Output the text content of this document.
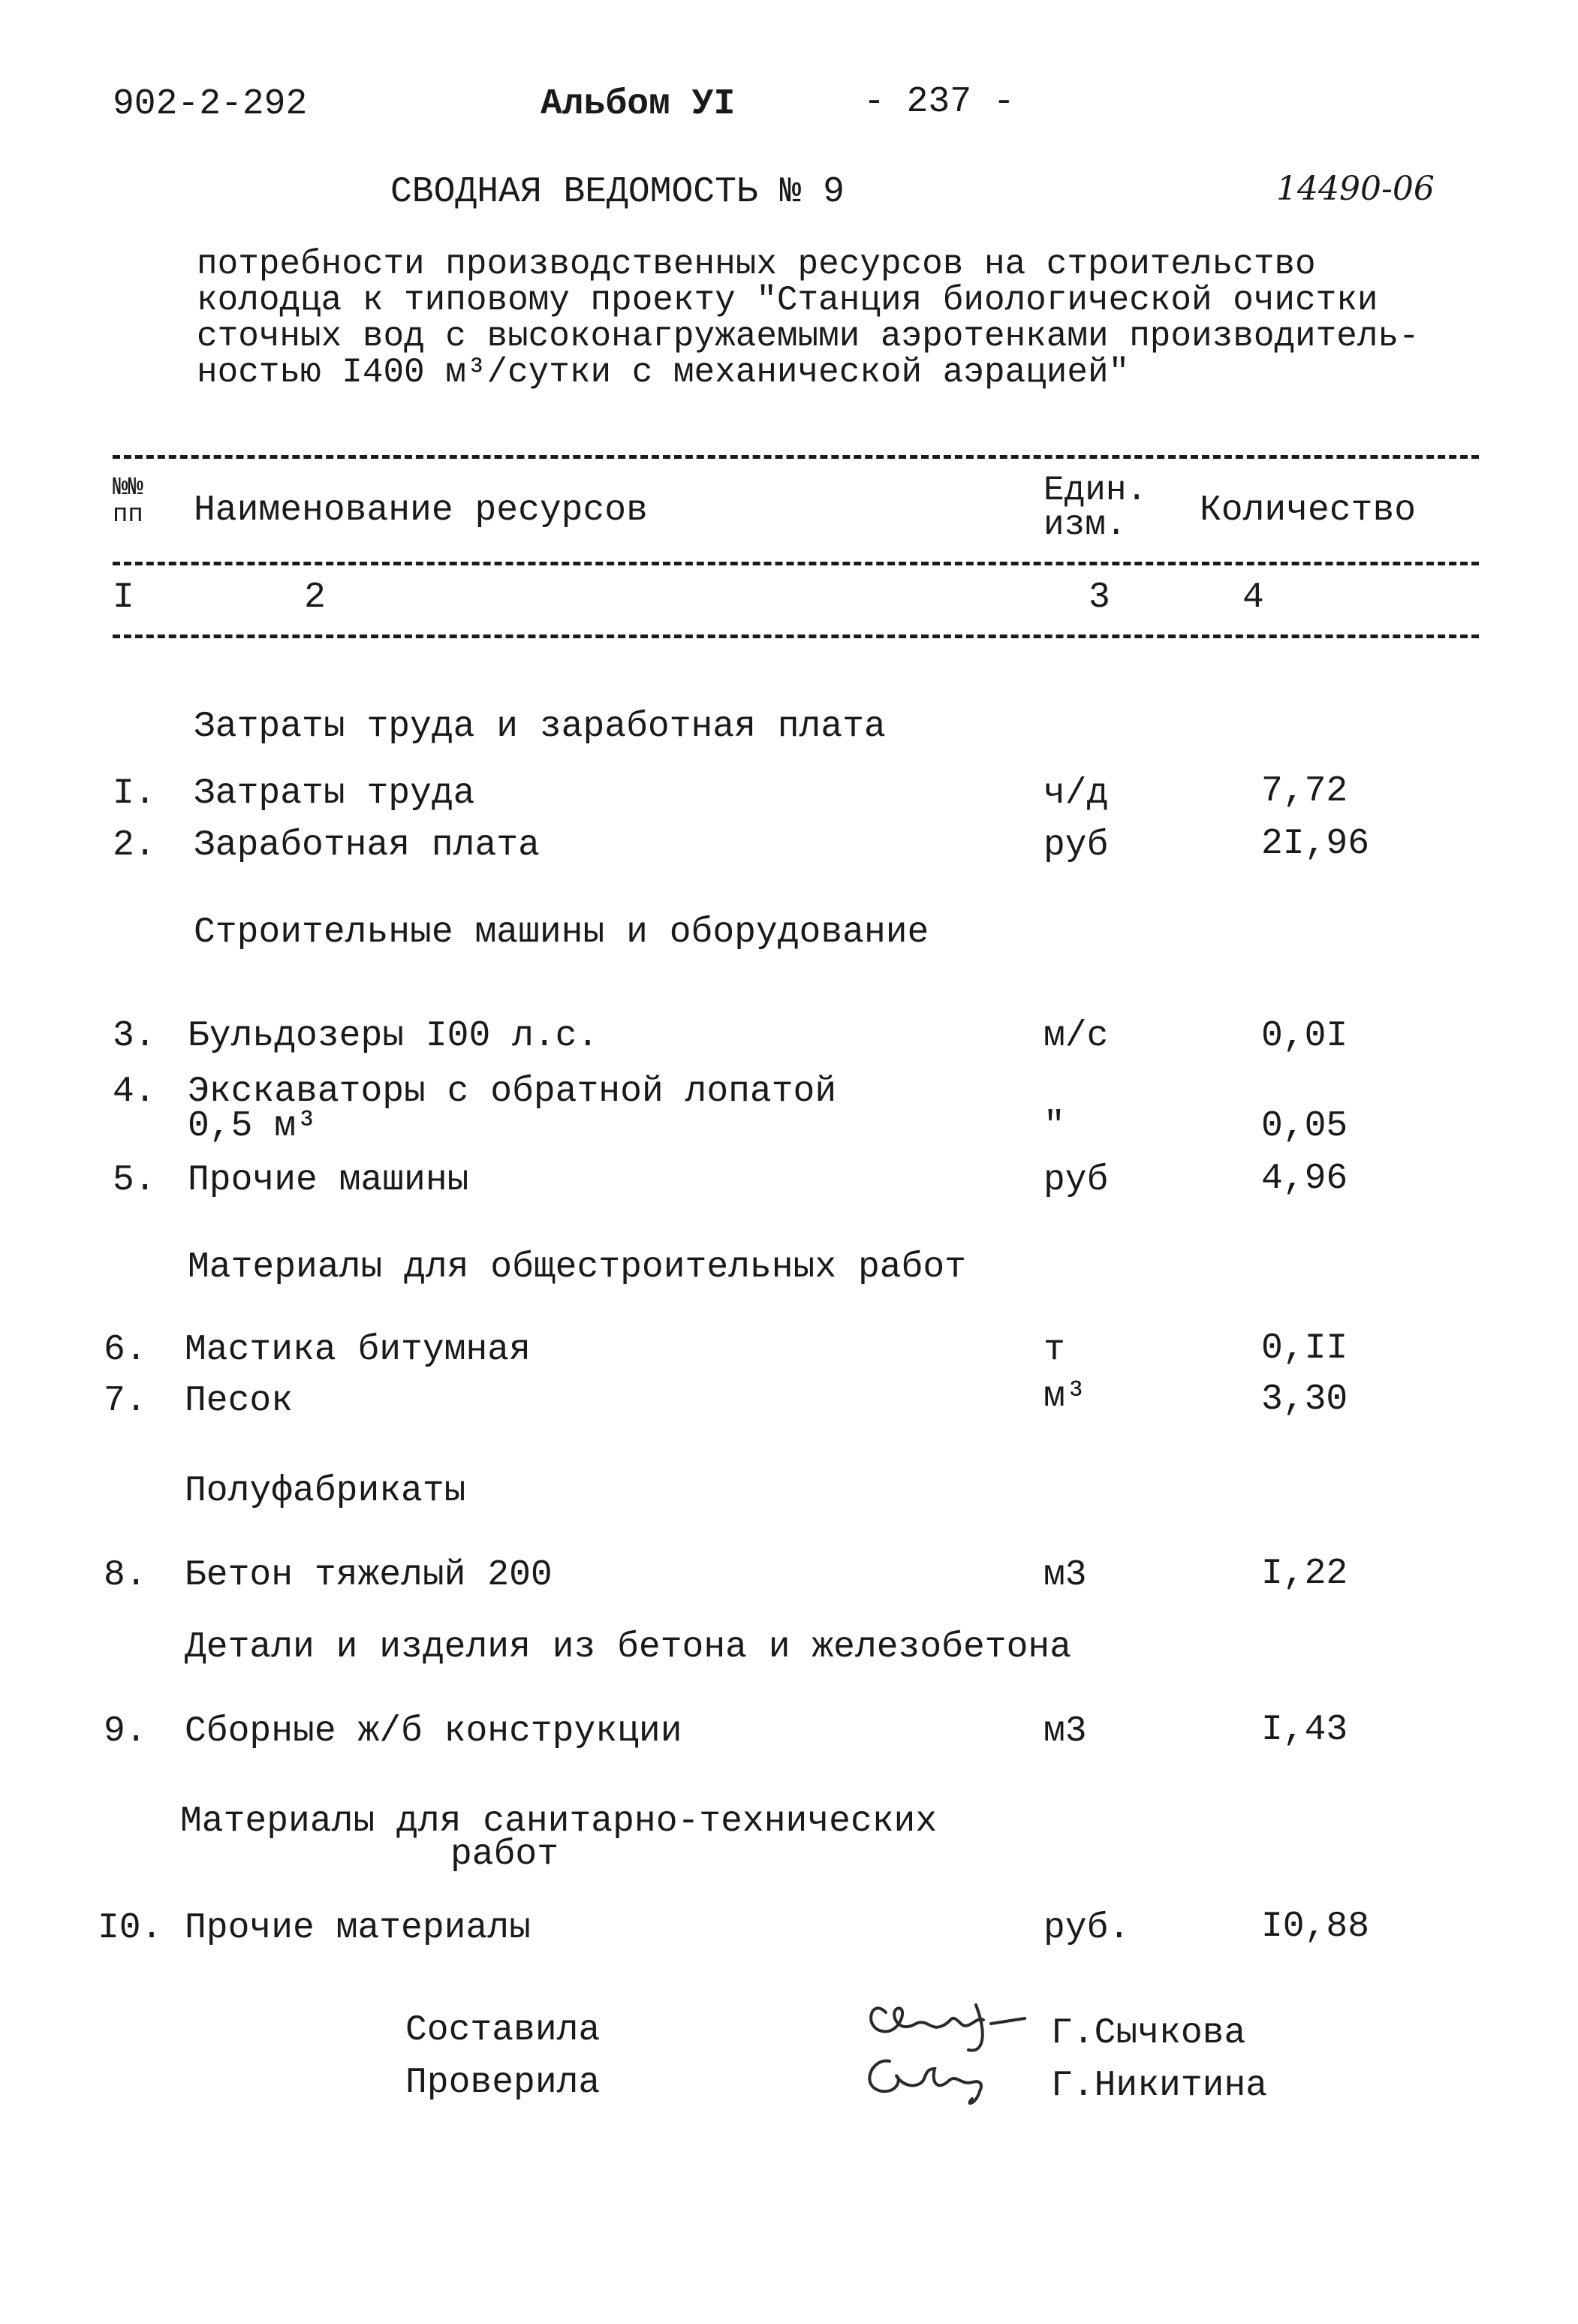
902-2-292	Альбом УI	- 237 -
СВОДНАЯ ВЕДОМОСТЬ № 9	14490-06
потребности производственных ресурсов на строительство
колодца к типовому проекту "Станция биологической очистки
сточных вод с высоконагружаемыми аэротенками производитель-
ностью I400 м³/сутки с механической аэрацией"
№№ пп	Наименование ресурсов	Един. изм.	Количество
I	2	3	4
Затраты труда и заработная плата
I. Затраты труда	ч/д	7,72
2. Заработная плата	руб	2I,96
Строительные машины и оборудование
3. Бульдозеры I00 л.с.	м/с	0,0I
4. Экскаваторы с обратной лопатой
0,5 м³	"	0,05
5. Прочие машины	руб	4,96
Материалы для общестроительных работ
6. Мастика битумная	т	0,II
7. Песок	м³	3,30
Полуфабрикаты
8. Бетон тяжелый 200	м3	I,22
Детали и изделия из бетона и железобетона
9. Сборные ж/б конструкции	м3	I,43
Материалы для санитарно-технических
работ
I0. Прочие материалы	руб.	I0,88
Составила	Г.Сычкова
Проверила	Г.Никитина
